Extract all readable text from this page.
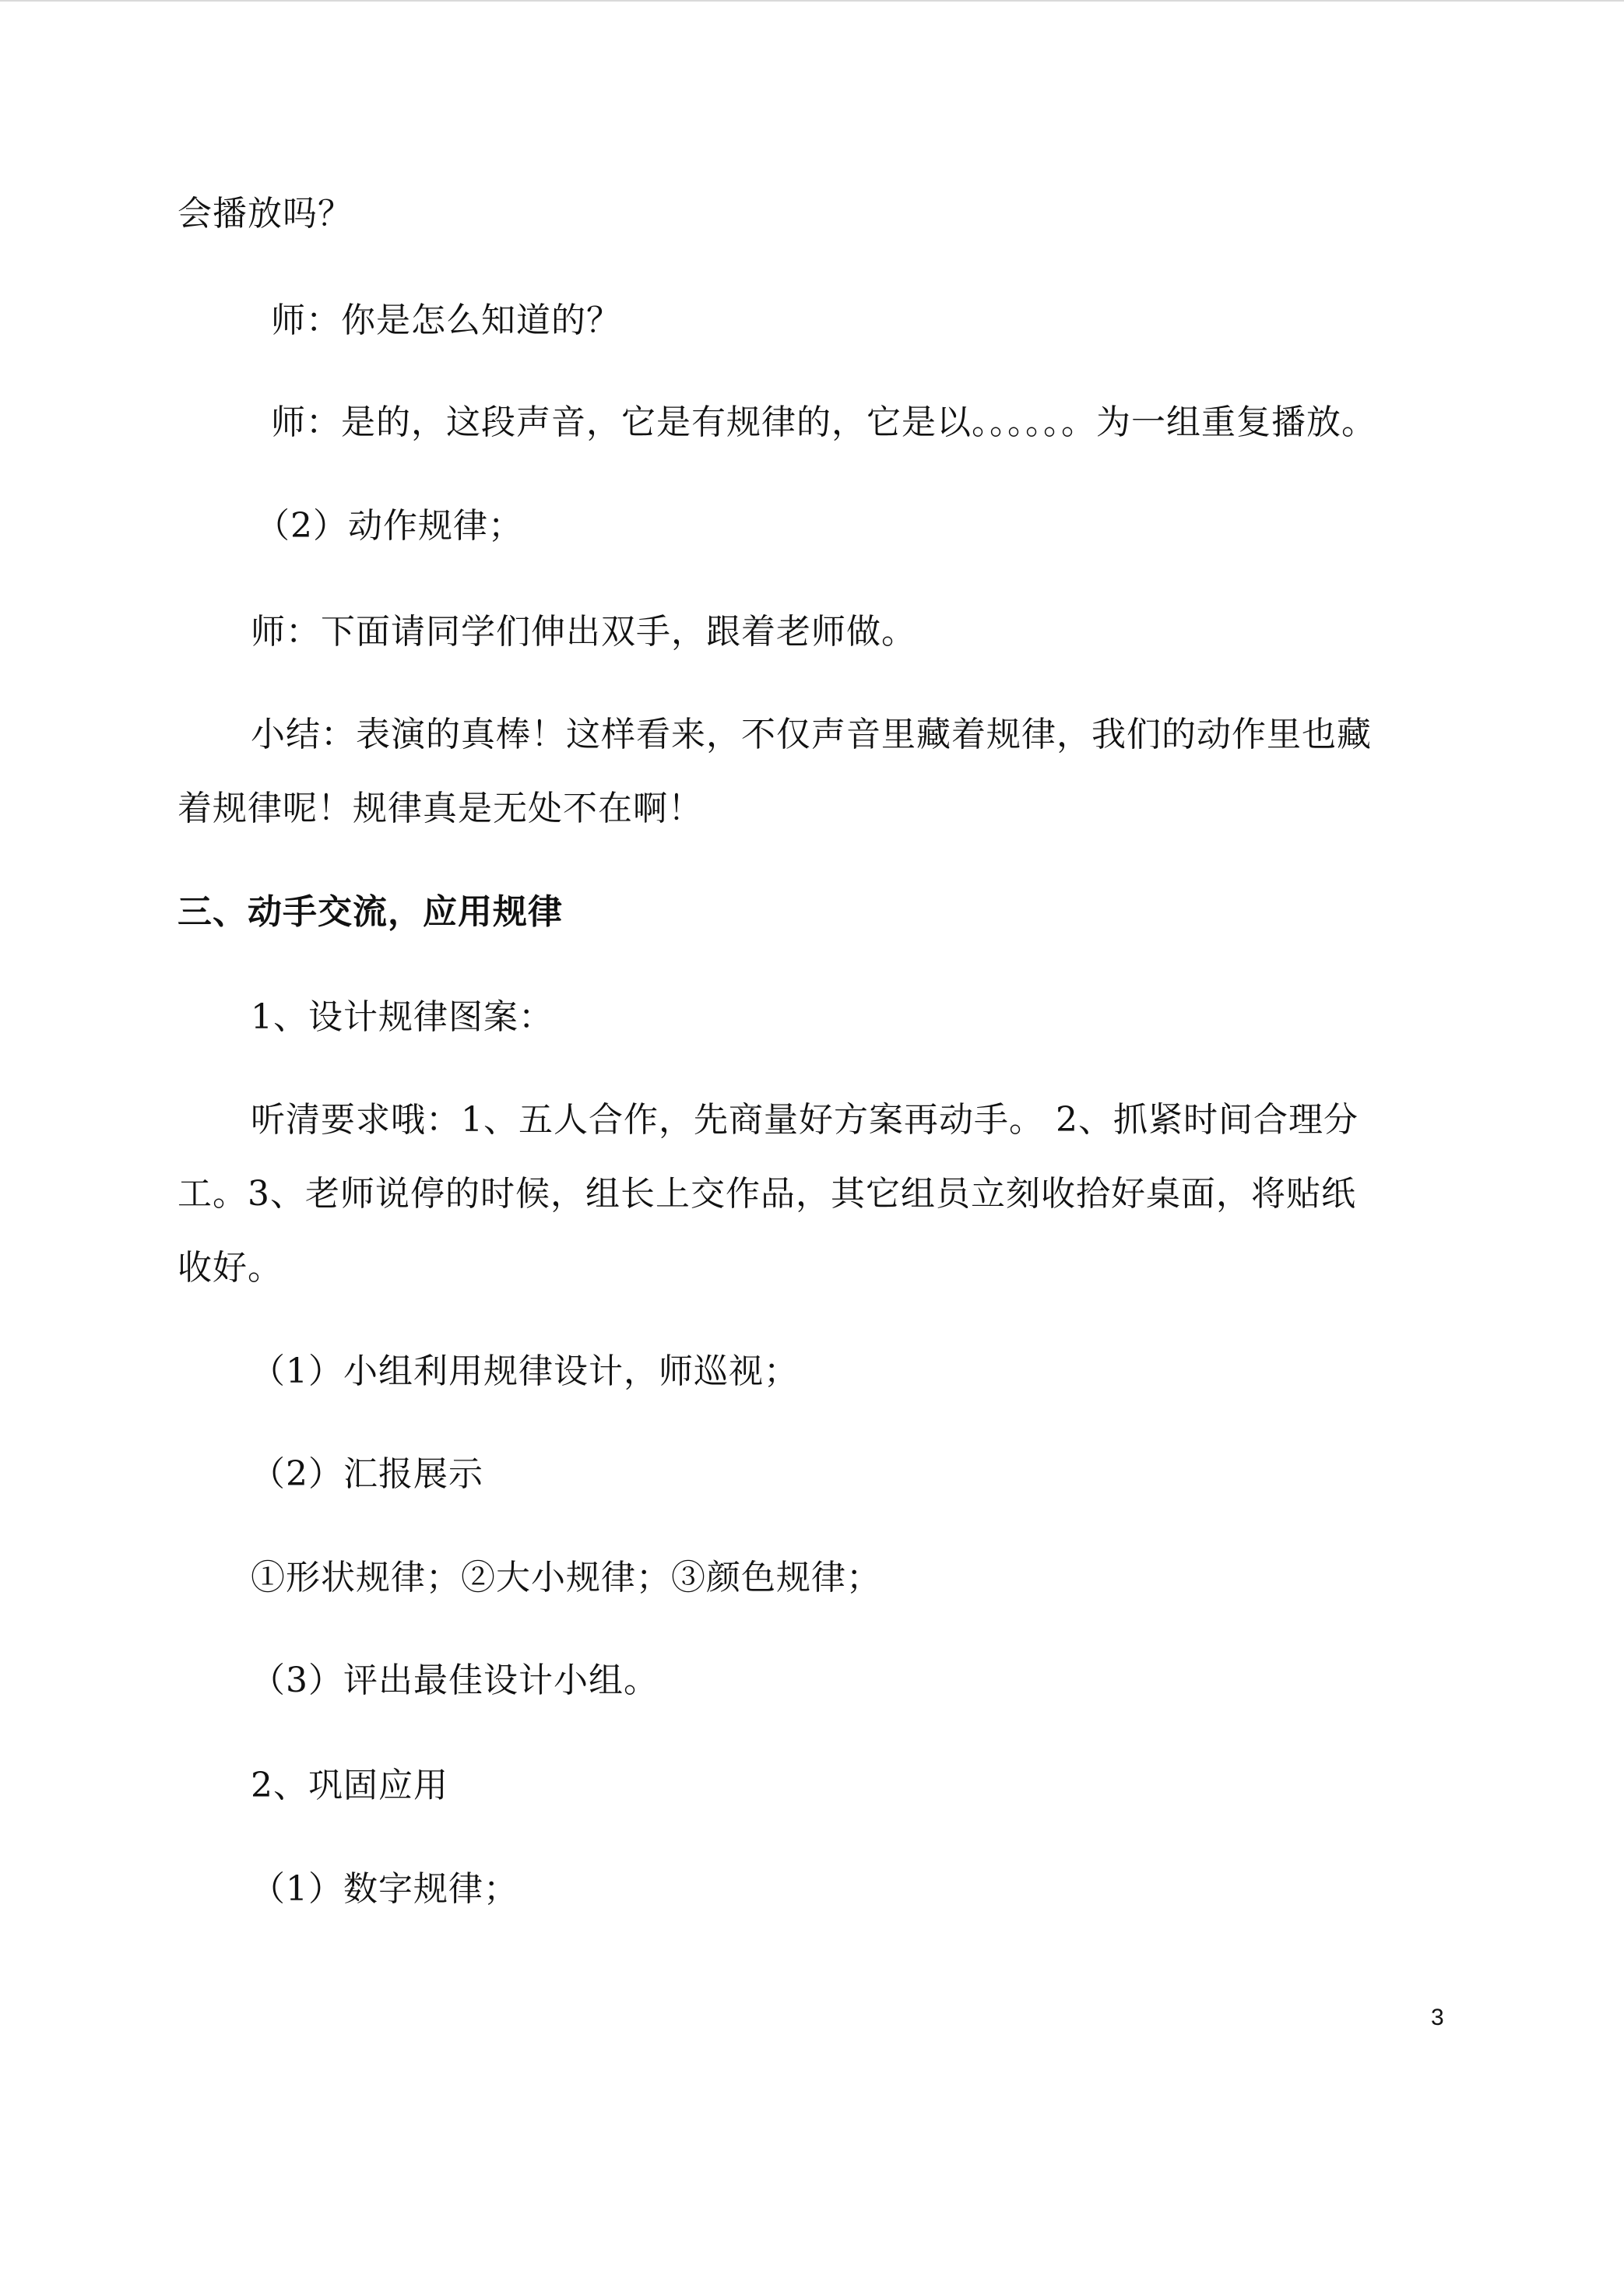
会播放吗？
师：你是怎么知道的？
师：是的，这段声音，它是有规律的，它是以。。。。。。为一组重复播放。
（2）动作规律；
师：下面请同学们伸出双手，跟着老师做。
小结：表演的真棒！这样看来，不仅声音里藏着规律，我们的动作里也藏
着规律呢！规律真是无处不在啊！
三、动手交流，应用规律
1、设计规律图案：
听清要求哦：1、五人合作，先商量好方案再动手。 2、抓紧时间合理分
工。3、老师说停的时候，组长上交作品，其它组员立刻收拾好桌面，将贴纸
收好。
（1）小组利用规律设计，师巡视；
（2）汇报展示
①形状规律；②大小规律；③颜色规律；
（3）评出最佳设计小组。
2、巩固应用
（1）数字规律；
3
